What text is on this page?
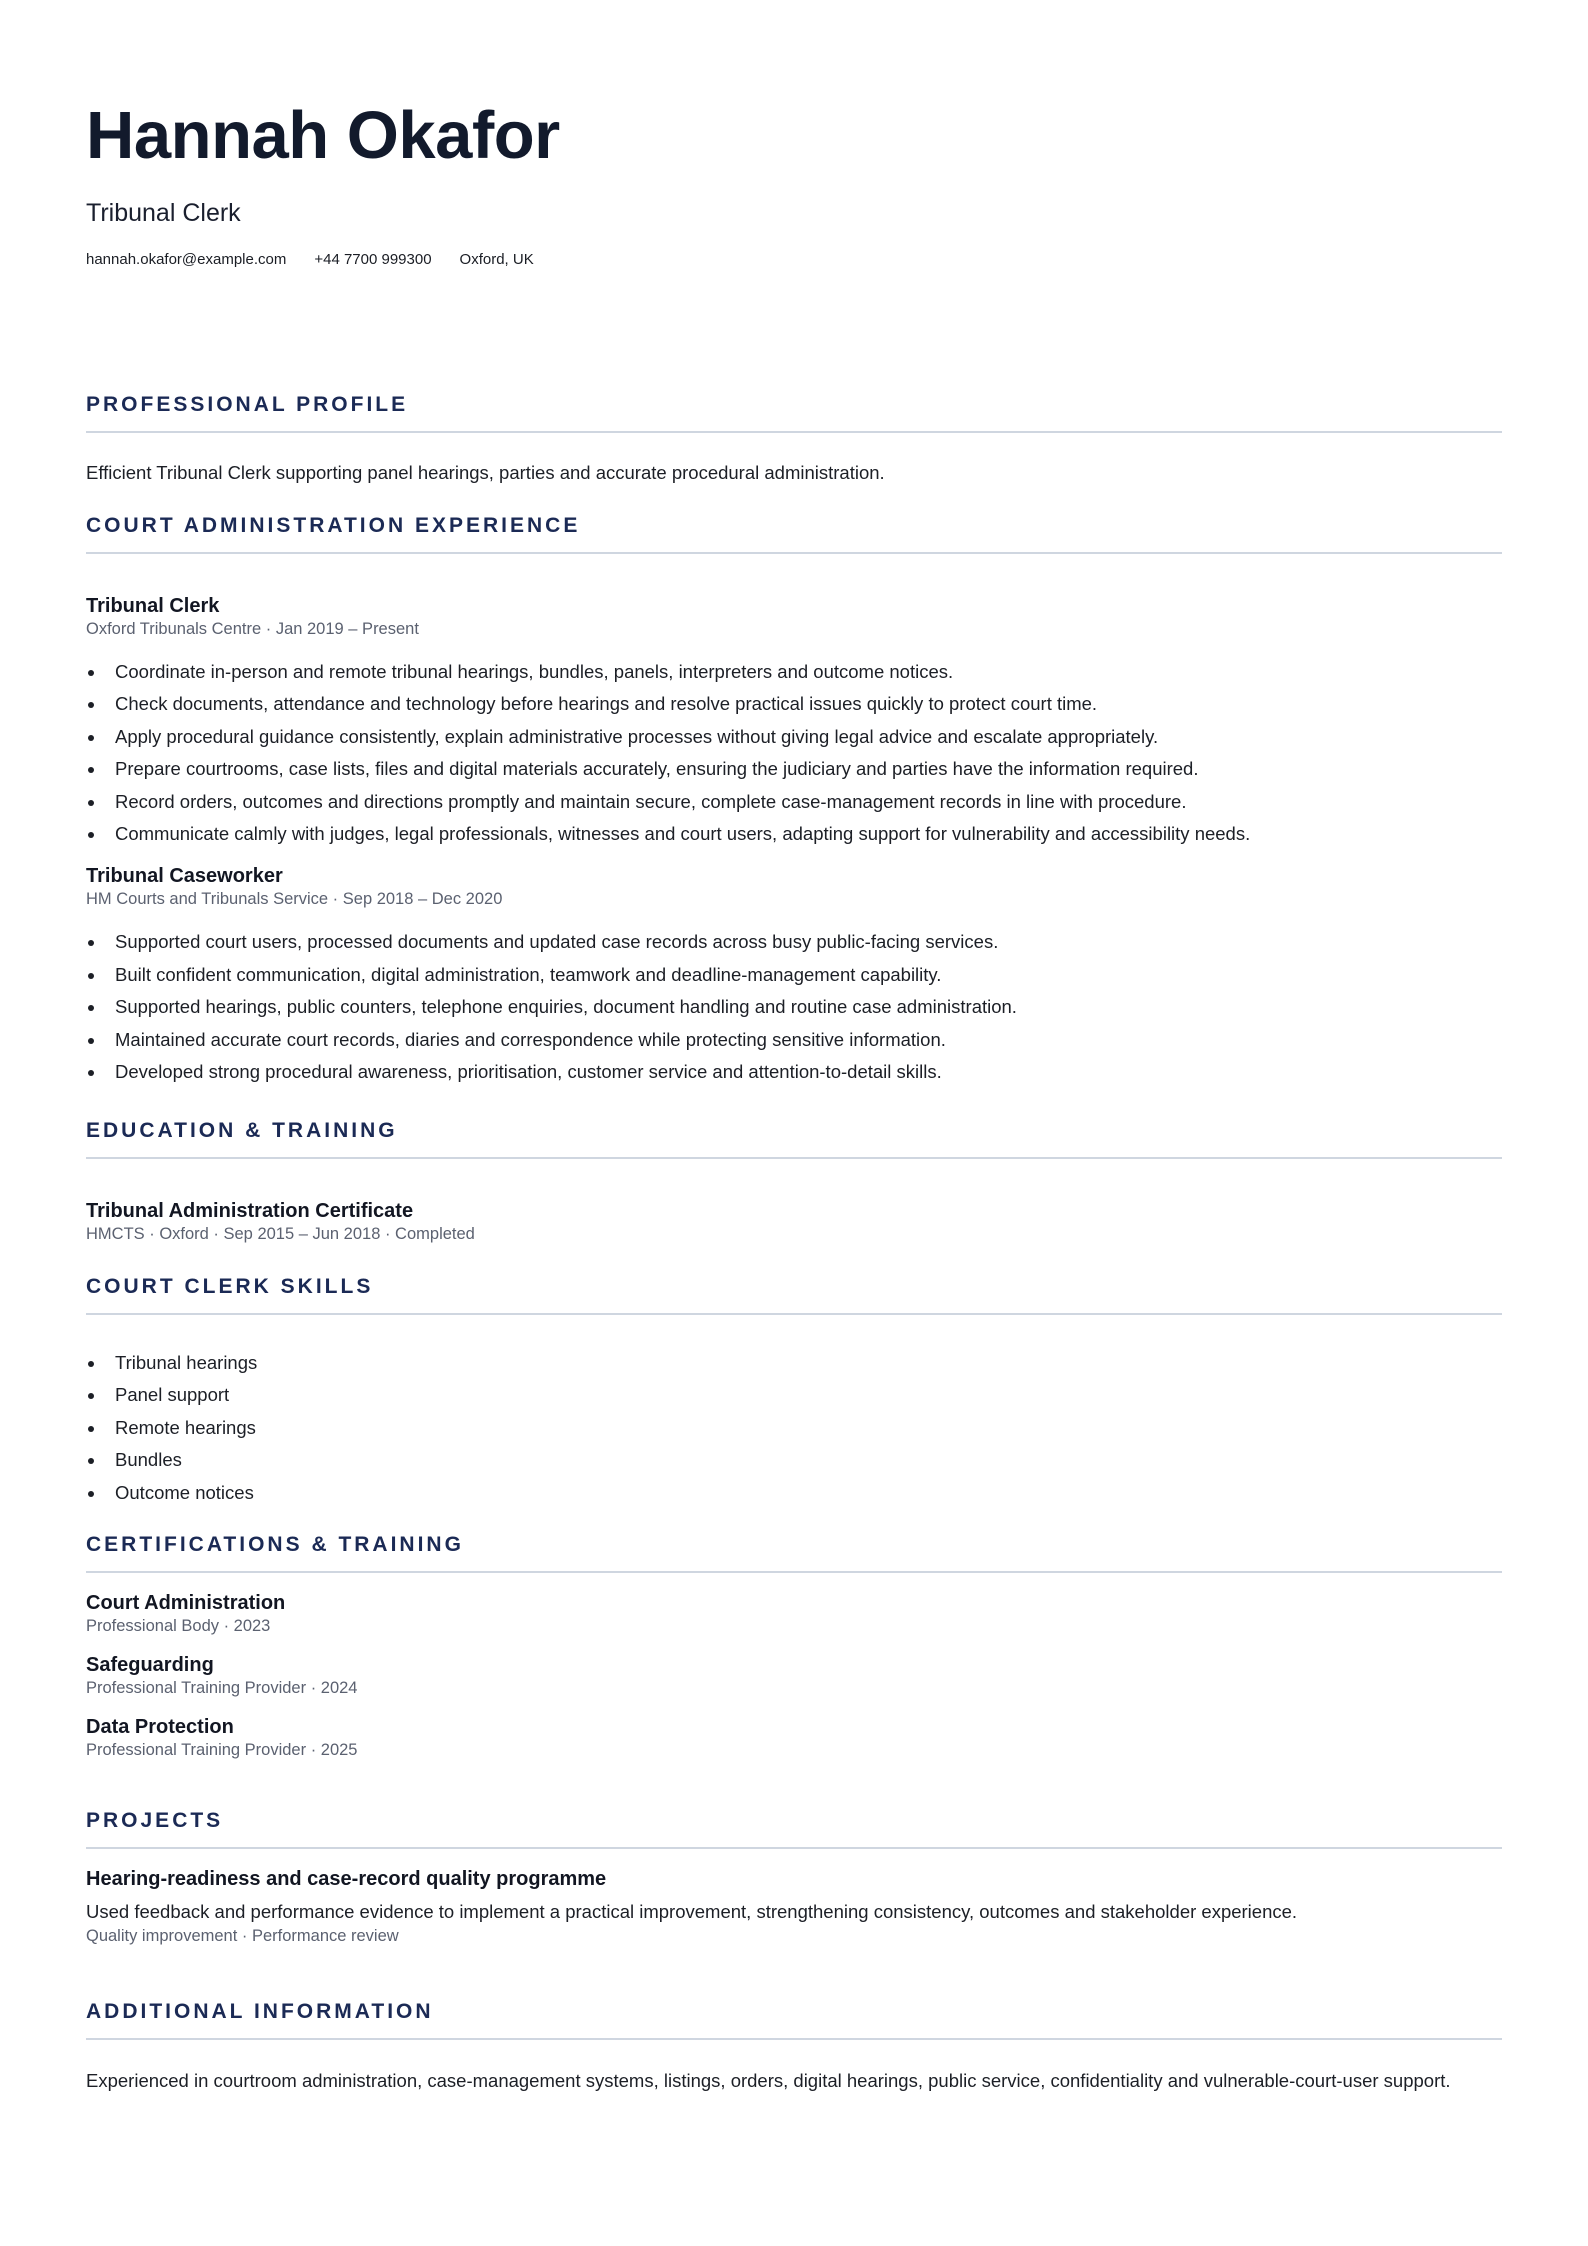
Hannah Okafor
Tribunal Clerk
hannah.okafor@example.com +44 7700 999300 Oxford, UK
PROFESSIONAL PROFILE
Efficient Tribunal Clerk supporting panel hearings, parties and accurate procedural administration.
COURT ADMINISTRATION EXPERIENCE
Tribunal Clerk
Oxford Tribunals Centre · Jan 2019 – Present
Coordinate in-person and remote tribunal hearings, bundles, panels, interpreters and outcome notices.
Check documents, attendance and technology before hearings and resolve practical issues quickly to protect court time.
Apply procedural guidance consistently, explain administrative processes without giving legal advice and escalate appropriately.
Prepare courtrooms, case lists, files and digital materials accurately, ensuring the judiciary and parties have the information required.
Record orders, outcomes and directions promptly and maintain secure, complete case-management records in line with procedure.
Communicate calmly with judges, legal professionals, witnesses and court users, adapting support for vulnerability and accessibility needs.
Tribunal Caseworker
HM Courts and Tribunals Service · Sep 2018 – Dec 2020
Supported court users, processed documents and updated case records across busy public-facing services.
Built confident communication, digital administration, teamwork and deadline-management capability.
Supported hearings, public counters, telephone enquiries, document handling and routine case administration.
Maintained accurate court records, diaries and correspondence while protecting sensitive information.
Developed strong procedural awareness, prioritisation, customer service and attention-to-detail skills.
EDUCATION & TRAINING
Tribunal Administration Certificate
HMCTS · Oxford · Sep 2015 – Jun 2018 · Completed
COURT CLERK SKILLS
Tribunal hearings
Panel support
Remote hearings
Bundles
Outcome notices
CERTIFICATIONS & TRAINING
Court Administration
Professional Body · 2023
Safeguarding
Professional Training Provider · 2024
Data Protection
Professional Training Provider · 2025
PROJECTS
Hearing-readiness and case-record quality programme
Used feedback and performance evidence to implement a practical improvement, strengthening consistency, outcomes and stakeholder experience.
Quality improvement · Performance review
ADDITIONAL INFORMATION
Experienced in courtroom administration, case-management systems, listings, orders, digital hearings, public service, confidentiality and vulnerable-court-user support.
